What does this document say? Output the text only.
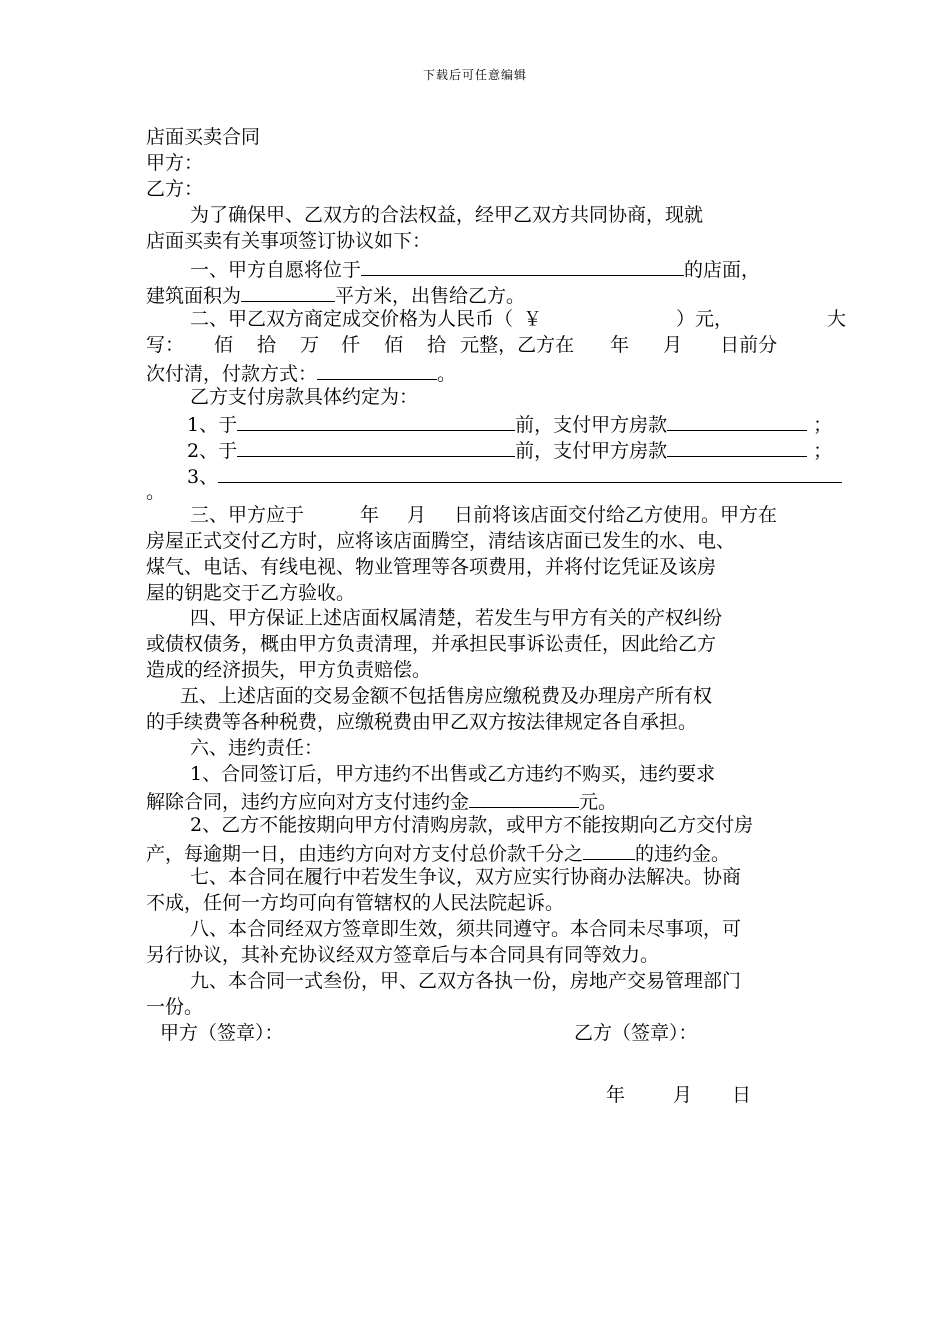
下载后可任意编辑
店面买卖合同
甲方：
乙方：
为了确保甲、乙双方的合法权益，经甲乙双方共同协商，现就
店面买卖有关事项签订协议如下：
一、甲方自愿将位于	的店面，
建筑面积为	平方米，出售给乙方。
二、甲乙双方商定成交价格为人民币（ ￥	）元，	大
写： 佰 拾 万 仟 佰 拾 元整，乙方在 年 月 日前分
次付清，付款方式：	。
乙方支付房款具体约定为：
1、于	前，支付甲方房款	；
2、于	前，支付甲方房款	；
3、
。
三、甲方应于	年 月 日前将该店面交付给乙方使用。甲方在
房屋正式交付乙方时，应将该店面腾空，清结该店面已发生的水、电、
煤气、电话、有线电视、物业管理等各项费用，并将付讫凭证及该房
屋的钥匙交于乙方验收。
四、甲方保证上述店面权属清楚，若发生与甲方有关的产权纠纷
或债权债务，概由甲方负责清理，并承担民事诉讼责任，因此给乙方
造成的经济损失，甲方负责赔偿。
五、上述店面的交易金额不包括售房应缴税费及办理房产所有权
的手续费等各种税费，应缴税费由甲乙双方按法律规定各自承担。
六、违约责任：
1、合同签订后，甲方违约不出售或乙方违约不购买，违约要求
解除合同，违约方应向对方支付违约金	元。
2、乙方不能按期向甲方付清购房款，或甲方不能按期向乙方交付房
产，每逾期一日，由违约方向对方支付总价款千分之	的违约金。
七、本合同在履行中若发生争议，双方应实行协商办法解决。协商
不成，任何一方均可向有管辖权的人民法院起诉。
八、本合同经双方签章即生效，须共同遵守。本合同未尽事项，可
另行协议，其补充协议经双方签章后与本合同具有同等效力。
九、本合同一式叁份，甲、乙双方各执一份，房地产交易管理部门
一份。
甲方（签章）：	乙方（签章）：
年	月 日
